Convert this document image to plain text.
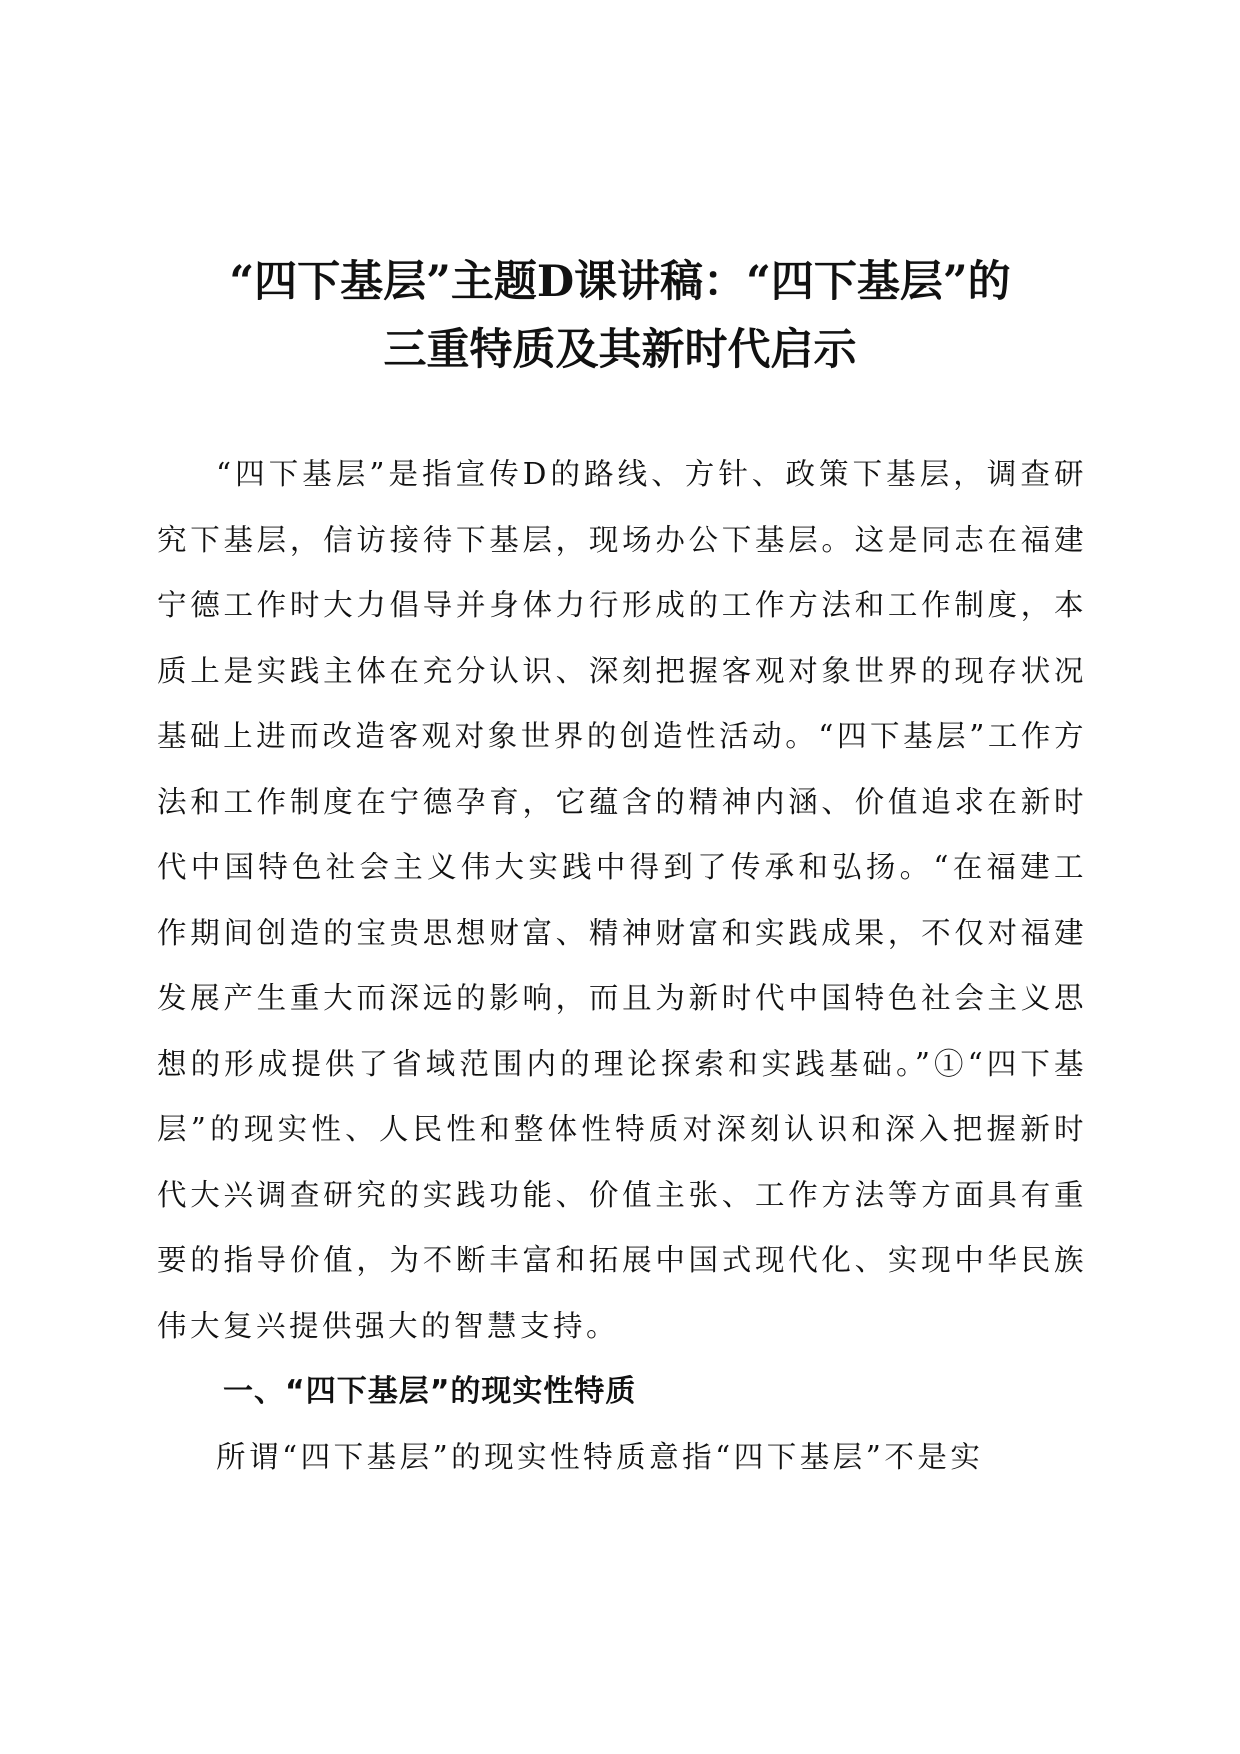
“四下基层”主题D课讲稿：“四下基层”的
三重特质及其新时代启示

“四下基层”是指宣传D的路线、方针、政策下基层，调查研究下基层，信访接待下基层，现场办公下基层。这是同志在福建宁德工作时大力倡导并身体力行形成的工作方法和工作制度，本质上是实践主体在充分认识、深刻把握客观对象世界的现存状况基础上进而改造客观对象世界的创造性活动。“四下基层”工作方法和工作制度在宁德孕育，它蕴含的精神内涵、价值追求在新时代中国特色社会主义伟大实践中得到了传承和弘扬。“在福建工作期间创造的宝贵思想财富、精神财富和实践成果，不仅对福建发展产生重大而深远的影响，而且为新时代中国特色社会主义思想的形成提供了省域范围内的理论探索和实践基础。”①“四下基层”的现实性、人民性和整体性特质对深刻认识和深入把握新时代大兴调查研究的实践功能、价值主张、工作方法等方面具有重要的指导价值，为不断丰富和拓展中国式现代化、实现中华民族伟大复兴提供强大的智慧支持。

一、“四下基层”的现实性特质

所谓“四下基层”的现实性特质意指“四下基层”不是实
